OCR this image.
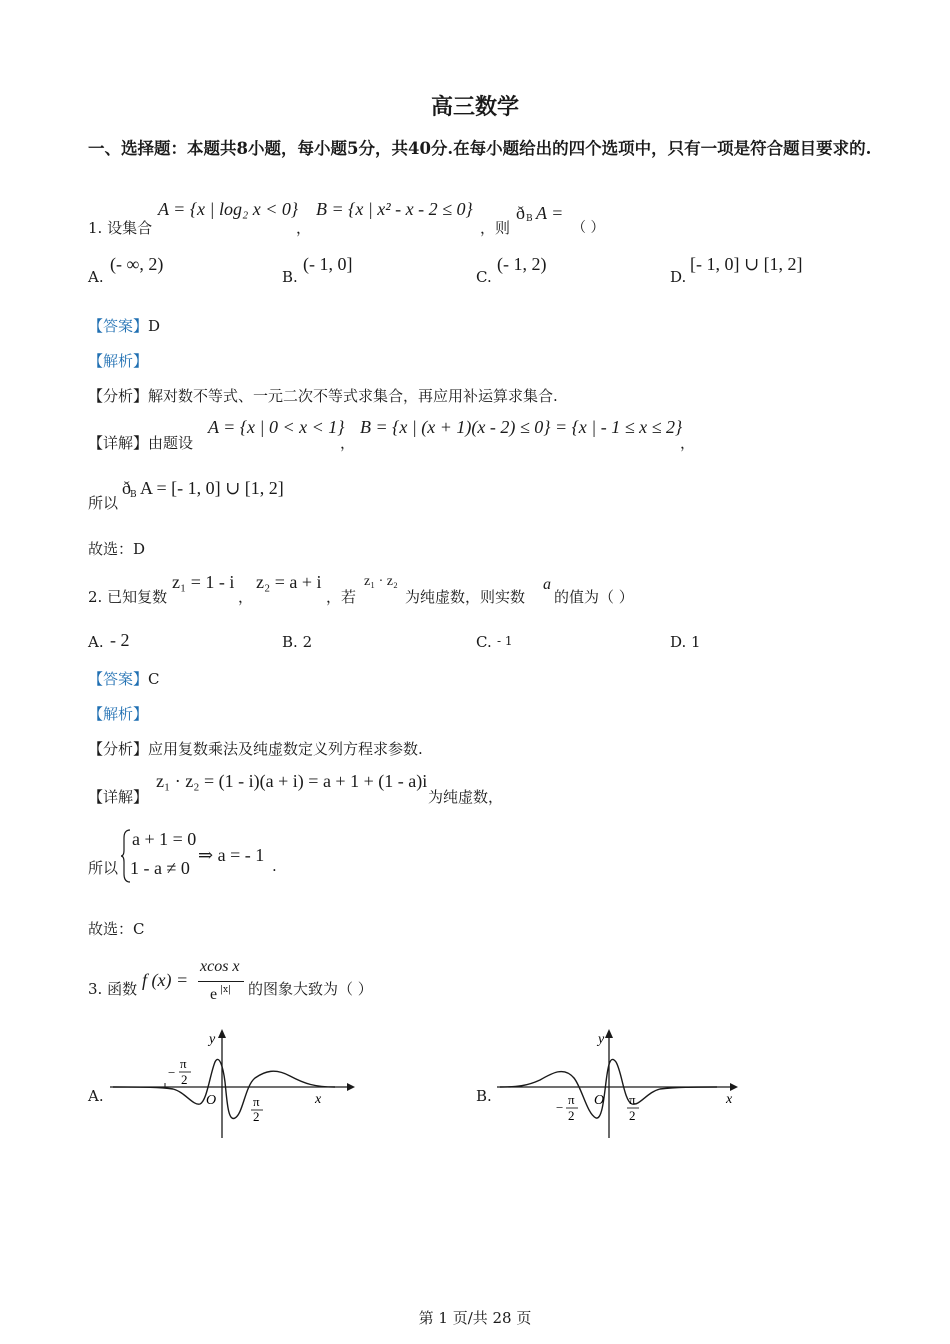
高三数学
一、选择题：本题共8小题，每小题5分，共40分.在每小题给出的四个选项中，只有一项是符合题目要求的.
1. 设集合
A = {x | log₂ x < 0}
，
B = {x | x² - x - 2 ≤ 0}
，则
ð B A =
（ ）
A.
(- ∞, 2)
B.
(- 1, 0]
C.
(- 1, 2)
D.
[- 1, 0] ∪ [1, 2]
【答案】D
【解析】
【分析】解对数不等式、一元二次不等式求集合，再应用补运算求集合.
【详解】由题设
A = {x | 0 < x < 1}
，
B = {x | (x + 1)(x - 2) ≤ 0} = {x | - 1 ≤ x ≤ 2}
，
所以
ð B A = [- 1, 0] ∪ [1, 2]
故选：D
2. 已知复数
z₁ = 1 - i
，
z₂ = a + i
，若
z₁ · z₂
为纯虚数，则实数
a
的值为（ ）
A. - 2	B. 2	C. - 1	D. 1
【答案】C
【解析】
【分析】应用复数乘法及纯虚数定义列方程求参数.
【详解】
z₁ · z₂ = (1 - i)(a + i) = a + 1 + (1 - a)i
为纯虚数，
所以
a + 1 = 0
1 - a ≠ 0
⇒ a = - 1
.
故选：C
3. 函数 f (x) =
xcos x
e |x| 的图象大致为（ ）
A.	x
y
O
−
π
2
π
2
B.	x
y
O
−
π
2
π
2
第 1 页/共 28 页
